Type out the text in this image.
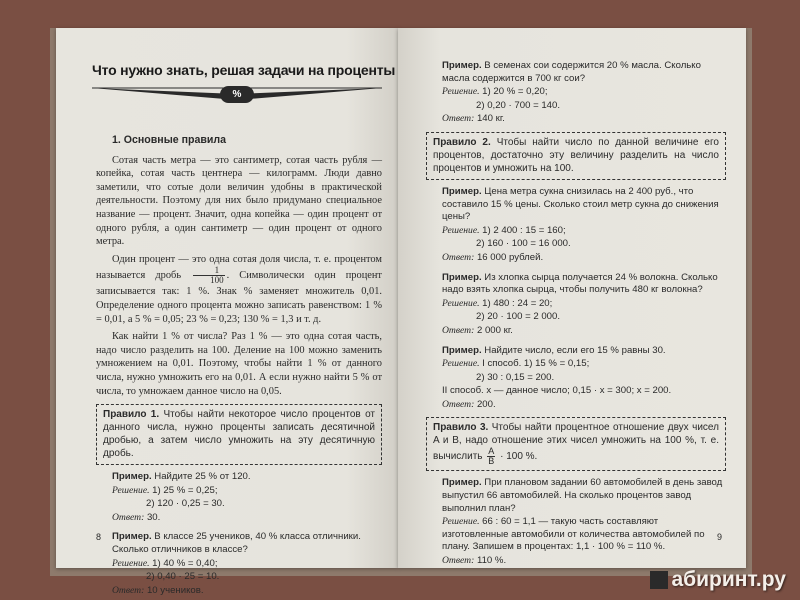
Что нужно знать, решая задачи на проценты
%
1. Основные правила

Сотая часть метра — это сантиметр, сотая часть рубля — копейка, сотая часть центнера — килограмм. Люди давно заметили, что сотые доли величин удобны в практической деятельности. Поэтому для них было придумано специальное название — процент. Значит, одна копейка — один процент от одного рубля, а один сантиметр — один процент от одного метра.

Один процент — это одна сотая доля числа, т. е. процентом называется дробь $\frac{1}{100}$ . Символически один процент записывается так: 1 %. Знак % заменяет множитель 0,01. Определение одного процента можно записать равенством: 1 % = 0,01, а 5 % = 0,05; 23 % = 0,23; 130 % = 1,3 и т. д.

Как найти 1 % от числа? Раз 1 % — это одна сотая часть, надо число разделить на 100. Деление на 100 можно заменить умножением на 0,01. Поэтому, чтобы найти 1 % от данного числа, нужно умножить его на 0,01. А если нужно найти 5 % от числа, то умножаем данное число на 0,05.

Правило 1. Чтобы найти некоторое число процентов от данного числа, нужно проценты записать десятичной дробью, а затем число умножить на эту десятичную дробь.
Пример. Найдите 25 % от 120.
Решение. 1) 25 % = 0,25;
2) 120 · 0,25 = 30.
Ответ: 30.
Пример. В классе 25 учеников, 40 % класса отличники. Сколько отличников в классе?
Решение. 1) 40 % = 0,40;
2) 0,40 · 25 = 10.
Ответ: 10 учеников.
8
Пример. В семенах сои содержится 20 % масла. Сколько масла содержится в 700 кг сои?
Решение. 1) 20 % = 0,20;
2) 0,20 · 700 = 140.
Ответ: 140 кг.
Правило 2. Чтобы найти число по данной величине его процентов, достаточно эту величину разделить на число процентов и умножить на 100.
Пример. Цена метра сукна снизилась на 2 400 руб., что составило 15 % цены. Сколько стоил метр сукна до снижения цены?
Решение. 1) 2 400 : 15 = 160;
2) 160 · 100 = 16 000.
Ответ: 16 000 рублей.
Пример. Из хлопка сырца получается 24 % волокна. Сколько надо взять хлопка сырца, чтобы получить 480 кг волокна?
Решение. 1) 480 : 24 = 20;
2) 20 · 100 = 2 000.
Ответ: 2 000 кг.
Пример. Найдите число, если его 15 % равны 30.
Решение. I способ. 1) 15 % = 0,15;
2) 30 : 0,15 = 200.
II способ. x — данное число; 0,15 · x = 300; x = 200.
Ответ: 200.
Правило 3. Чтобы найти процентное отношение двух чисел A и B, надо отношение этих чисел умножить на 100 %, т. е. вычислить $\frac{A}{B} \cdot 100$ %.
Пример. При плановом задании 60 автомобилей в день завод выпустил 66 автомобилей. На сколько процентов завод выполнил план?
Решение. 66 : 60 = 1,1 — такую часть составляют изготовленные автомобили от количества автомобилей по плану. Запишем в процентах: 1,1 · 100 % = 110 %.
Ответ: 110 %.
9
абиринт.ру
